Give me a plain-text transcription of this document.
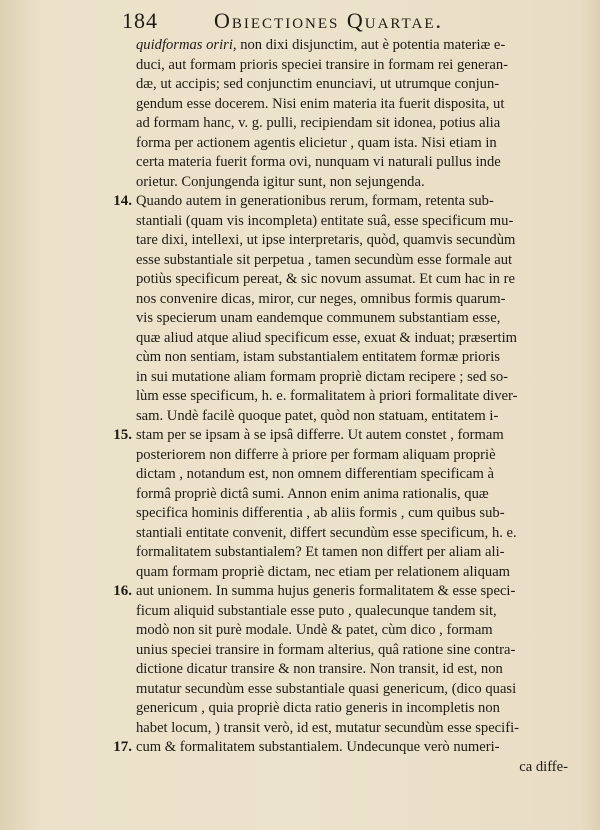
184	Obiectiones Quartae.
quidformas oriri, non dixi disjunctim, aut è potentia materiæ e-
duci, aut formam prioris speciei transire in formam rei generan-
dæ, ut accipis; sed conjunctim enunciavi, ut utrumque conjun-
gendum esse docerem. Nisi enim materia ita fuerit disposita, ut
ad formam hanc, v. g. pulli, recipiendam sit idonea, potius alia
forma per actionem agentis elicietur , quam ista. Nisi etiam in
certa materia fuerit forma ovi, nunquam vi naturali pullus inde
orietur. Conjungenda igitur sunt, non sejungenda.
14. Quando autem in generationibus rerum, formam, retenta sub-
stantiali (quam vis incompleta) entitate suâ, esse specificum mu-
tare dixi, intellexi, ut ipse interpretaris, quòd, quamvis secundùm
esse substantiale sit perpetua , tamen secundùm esse formale aut
potiùs specificum pereat, & sic novum assumat. Et cum hac in re
nos convenire dicas, miror, cur neges, omnibus formis quarum-
vis specierum unam eandemque communem substantiam esse,
quæ aliud atque aliud specificum esse, exuat & induat; præsertim
cùm non sentiam, istam substantialem entitatem formæ prioris
in sui mutatione aliam formam propriè dictam recipere ; sed so-
lùm esse specificum, h. e. formalitatem à priori formalitate diver-
sam. Undè facilè quoque patet, quòd non statuam, entitatem i-
15. stam per se ipsam à se ipsâ differre. Ut autem constet , formam
posteriorem non differre à priore per formam aliquam propriè
dictam , notandum est, non omnem differentiam specificam à
formâ propriè dictâ sumi. Annon enim anima rationalis, quæ
specifica hominis differentia , ab aliis formis , cum quibus sub-
stantiali entitate convenit, differt secundùm esse specificum, h. e.
formalitatem substantialem? Et tamen non differt per aliam ali-
quam formam propriè dictam, nec etiam per relationem aliquam
16. aut unionem. In summa hujus generis formalitatem & esse speci-
ficum aliquid substantiale esse puto , qualecunque tandem sit,
modò non sit purè modale. Undè & patet, cùm dico , formam
unius speciei transire in formam alterius, quâ ratione sine contra-
dictione dicatur transire & non transire. Non transit, id est, non
mutatur secundùm esse substantiale quasi genericum, (dico quasi
genericum , quia propriè dicta ratio generis in incompletis non
habet locum, ) transit verò, id est, mutatur secundùm esse specifi-
17. cum & formalitatem substantialem. Undecunque verò numeri-
ca diffe-
